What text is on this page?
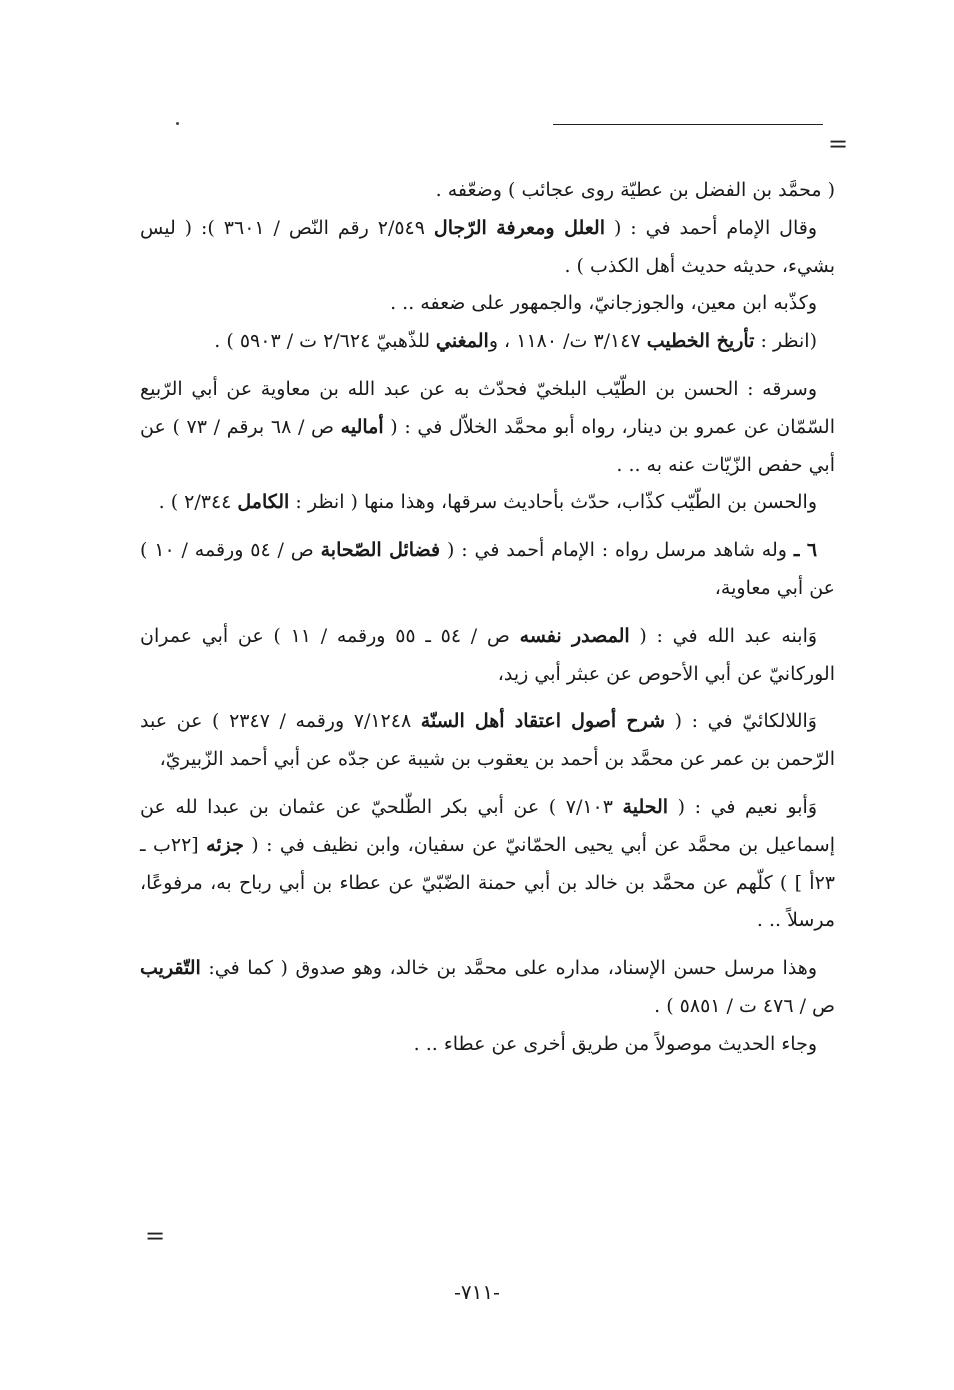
=

( محمَّد بن الفضل بن عطيّة روى عجائب ) وضعّفه .

وقال الإمام أحمد في : ( العلل ومعرفة الرّجال ٢/٥٤٩ رقم النّص / ٣٦٠١ ): ( ليس بشيء، حديثه حديث أهل الكذب ) .

وكذّبه ابن معين، والجوزجانيّ، والجمهور على ضعفه .. .

(انظر : تأريخ الخطيب ٣/١٤٧ ت/ ١١٨٠ ، والمغني للذّهبيّ ٢/٦٢٤ ت / ٥٩٠٣ ) .

وسرقه : الحسن بن الطّيّب البلخيّ فحدّث به عن عبد الله بن معاوية عن أبي الرّبيع السّمّان عن عمرو بن دينار، رواه أبو محمَّد الخلاّل في : ( أماليه ص / ٦٨ برقم / ٧٣ ) عن أبي حفص الزّيّات عنه به .. .

والحسن بن الطّيّب كذّاب، حدّث بأحاديث سرقها، وهذا منها ( انظر : الكامل ٢/٣٤٤ ) .

٦ ـ وله شاهد مرسل رواه : الإمام أحمد في : ( فضائل الصّحابة ص / ٥٤ ورقمه / ١٠ ) عن أبي معاوية،

وَابنه عبد الله في : ( المصدر نفسه ص / ٥٤ ـ ٥٥ ورقمه / ١١ ) عن أبي عمران الوركانيّ عن أبي الأحوص عن عبثر أبي زيد،

وَاللالكائيّ في : ( شرح أصول اعتقاد أهل السنّة ٧/١٢٤٨ ورقمه / ٢٣٤٧ ) عن عبد الرّحمن بن عمر عن محمَّد بن أحمد بن يعقوب بن شيبة عن جدّه عن أبي أحمد الزّبيريّ،

وَأبو نعيم في : ( الحلية ٧/١٠٣ ) عن أبي بكر الطّلحيّ عن عثمان بن عبدا لله عن إسماعيل بن محمَّد عن أبي يحيى الحمّانيّ عن سفيان، وابن نظيف في : ( جزئه [٢٢ب ـ ٢٣أ ] ) كلّهم عن محمَّد بن خالد بن أبي حمنة الضّبّيّ عن عطاء بن أبي رباح به، مرفوعًا، مرسلاً .. .

وهذا مرسل حسن الإسناد، مداره على محمَّد بن خالد، وهو صدوق ( كما في: التّقريب ص / ٤٧٦ ت / ٥٨٥١ ) .

وجاء الحديث موصولاً من طريق أخرى عن عطاء .. .

=
-٧١١-
